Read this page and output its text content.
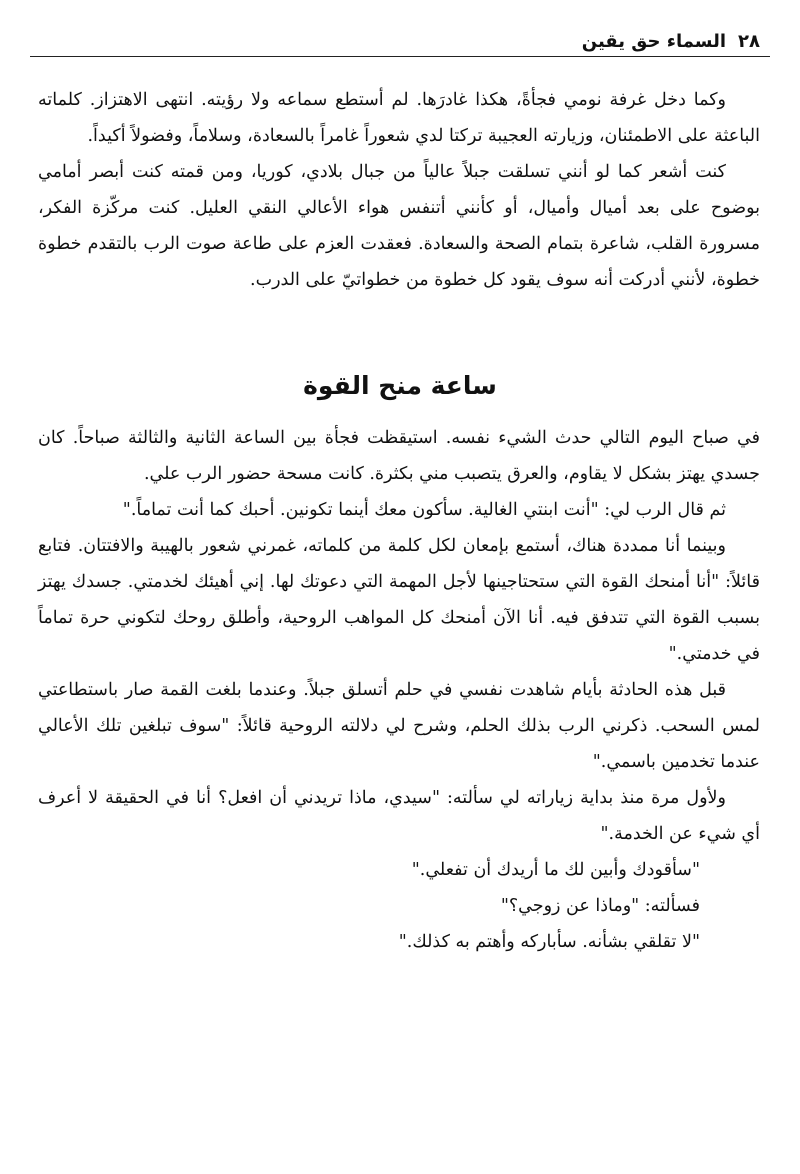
٢٨
السماء حق يقين

وكما دخل غرفة نومي فجأةً، هكذا غادرَها. لم أستطع سماعه ولا رؤيته. انتهى الاهتزاز. كلماته الباعثة على الاطمئنان، وزيارته العجيبة تركتا لدي شعوراً غامراً بالسعادة، وسلاماً، وفضولاً أكيداً.

كنت أشعر كما لو أنني تسلقت جبلاً عالياً من جبال بلادي، كوريا، ومن قمته كنت أبصر أمامي بوضوح على بعد أميال وأميال، أو كأنني أتنفس هواء الأعالي النقي العليل. كنت مركّزة الفكر، مسرورة القلب، شاعرة بتمام الصحة والسعادة. فعقدت العزم على طاعة صوت الرب بالتقدم خطوة خطوة، لأنني أدركت أنه سوف يقود كل خطوة من خطواتيّ على الدرب.

ساعة منح القوة

في صباح اليوم التالي حدث الشيء نفسه. استيقظت فجأة بين الساعة الثانية والثالثة صباحاً. كان جسدي يهتز بشكل لا يقاوم، والعرق يتصبب مني بكثرة. كانت مسحة حضور الرب علي.

ثم قال الرب لي: "أنت ابنتي الغالية. سأكون معك أينما تكونين. أحبك كما أنت تماماً."

وبينما أنا ممددة هناك، أستمع بإمعان لكل كلمة من كلماته، غمرني شعور بالهيبة والافتتان. فتابع قائلاً: "أنا أمنحك القوة التي ستحتاجينها لأجل المهمة التي دعوتك لها. إني أهيئك لخدمتي. جسدك يهتز بسبب القوة التي تتدفق فيه. أنا الآن أمنحك كل المواهب الروحية، وأطلق روحك لتكوني حرة تماماً في خدمتي."

قبل هذه الحادثة بأيام شاهدت نفسي في حلم أتسلق جبلاً. وعندما بلغت القمة صار باستطاعتي لمس السحب. ذكرني الرب بذلك الحلم، وشرح لي دلالته الروحية قائلاً: "سوف تبلغين تلك الأعالي عندما تخدمين باسمي."

ولأول مرة منذ بداية زياراته لي سألته: "سيدي، ماذا تريدني أن افعل؟ أنا في الحقيقة لا أعرف أي شيء عن الخدمة."

"سأقودك وأبين لك ما أريدك أن تفعلي."

فسألته: "وماذا عن زوجي؟"

"لا تقلقي بشأنه. سأباركه وأهتم به كذلك."
